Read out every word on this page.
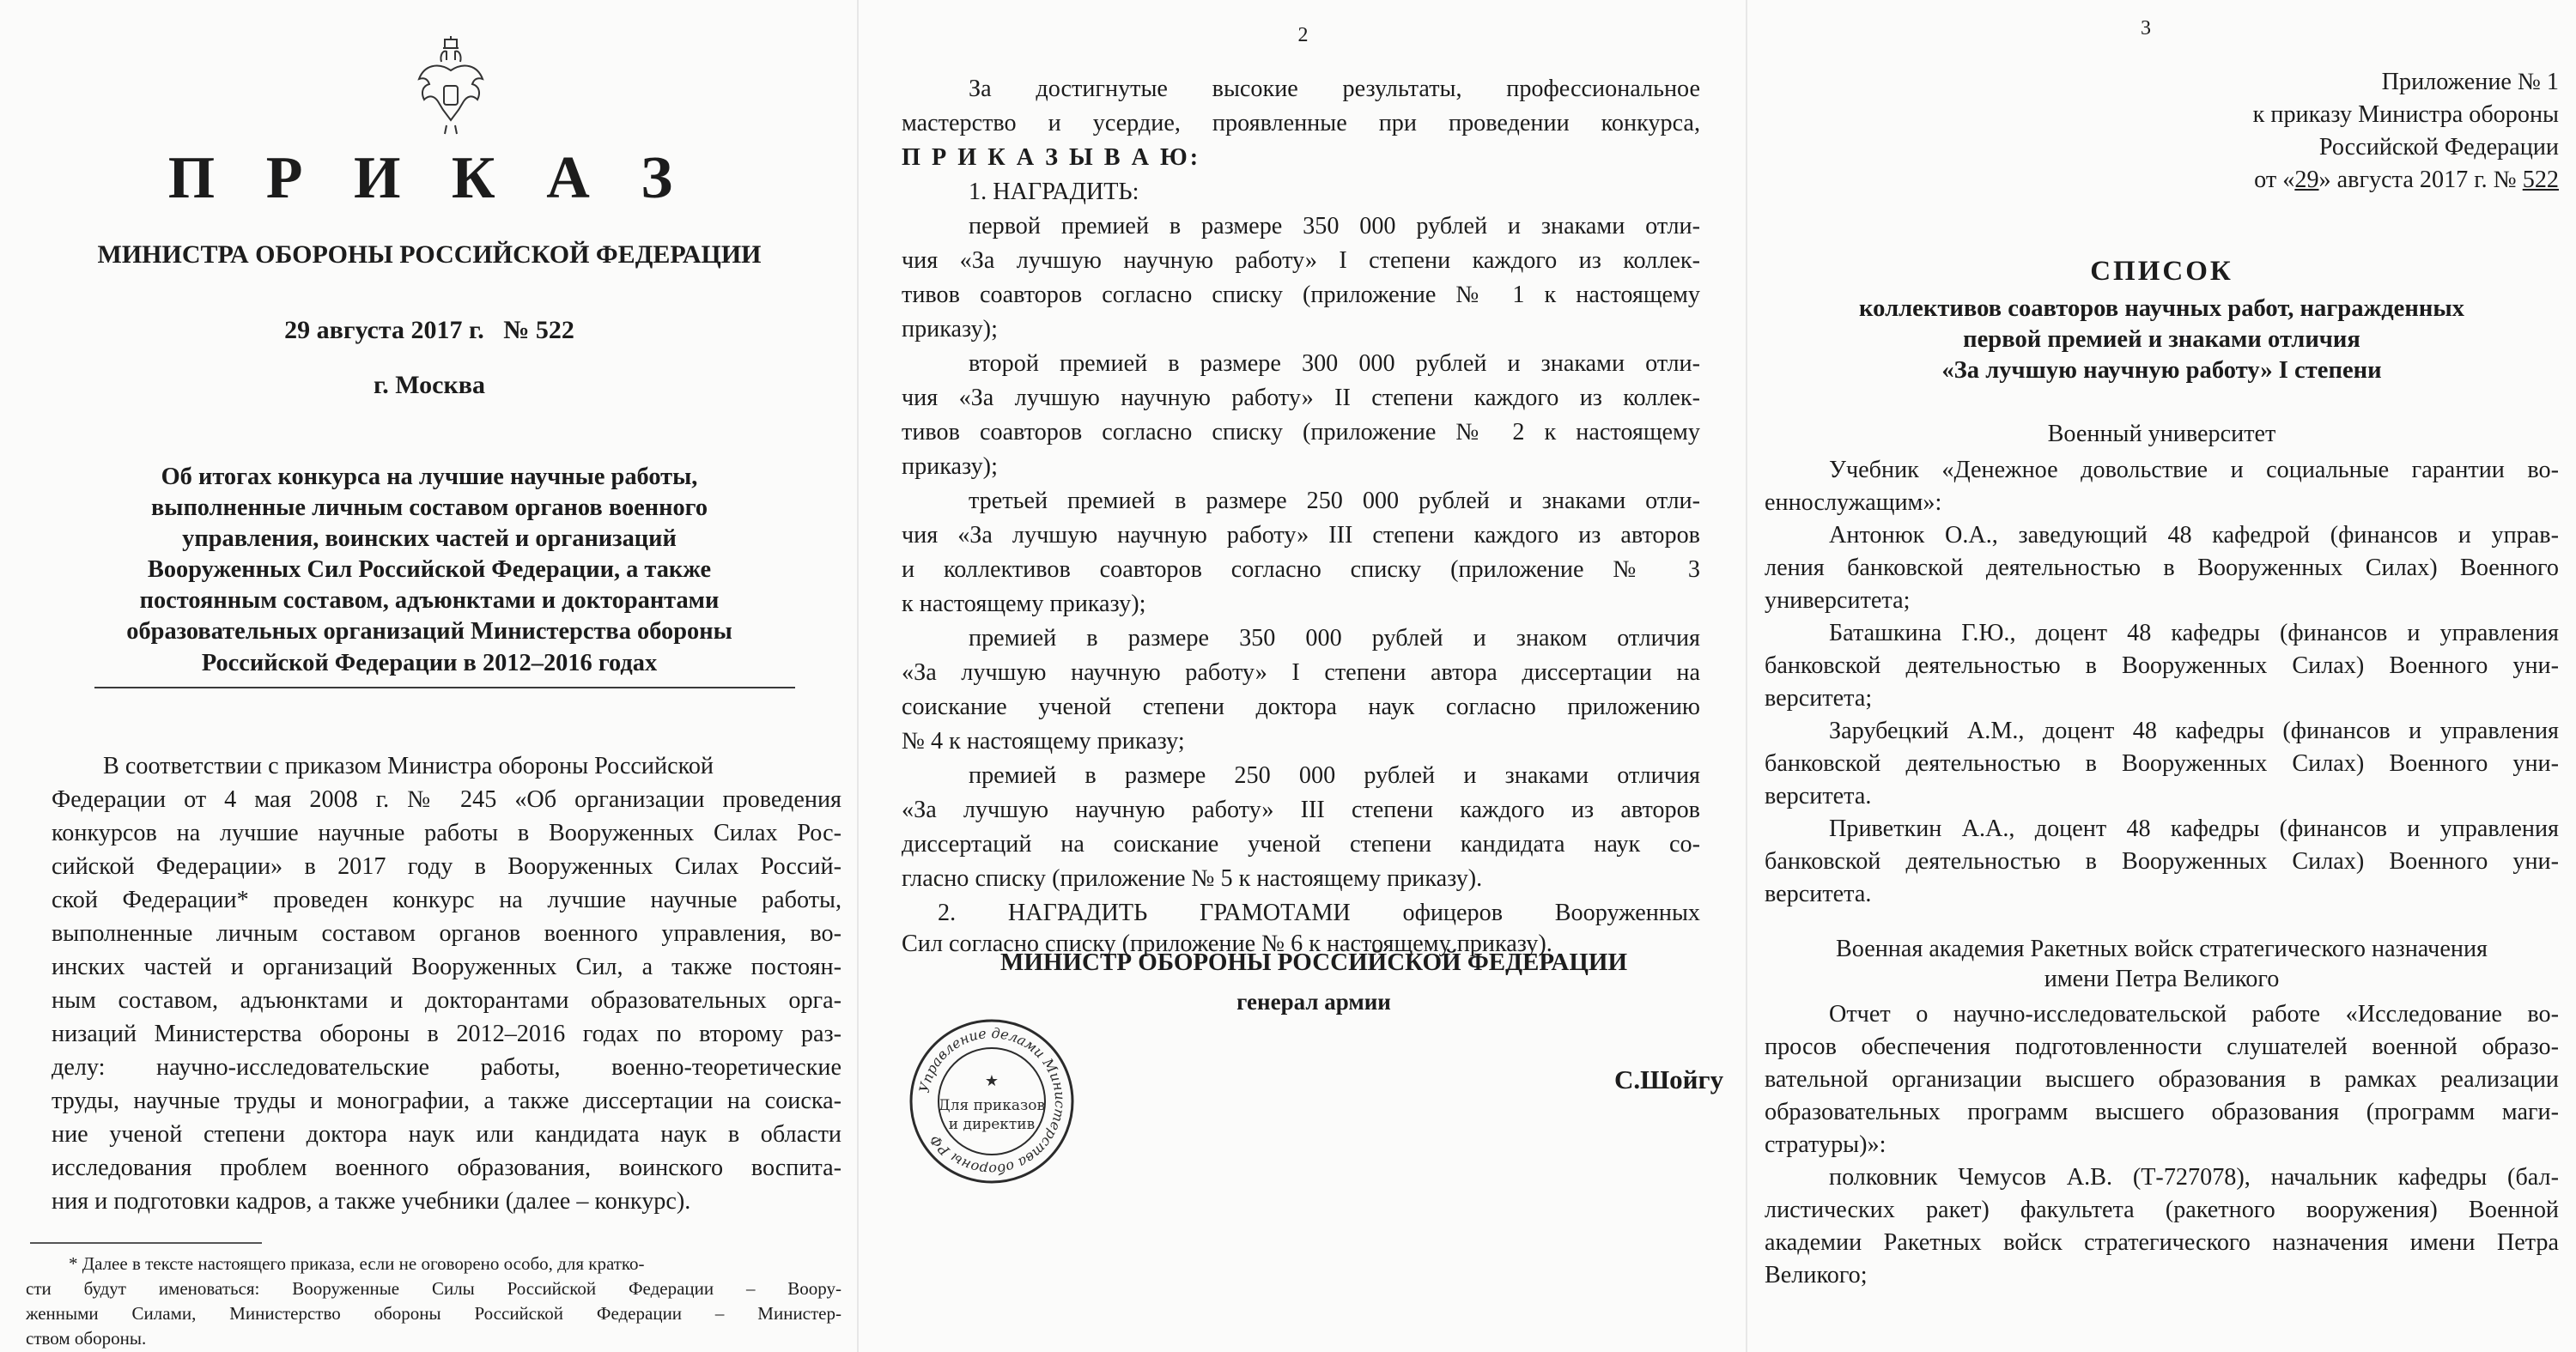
П Р И К А З
МИНИСТРА ОБОРОНЫ РОССИЙСКОЙ ФЕДЕРАЦИИ
29 августа 2017 г.   № 522
г. Москва
Об итогах конкурса на лучшие научные работы,
выполненные личным составом органов военного
управления, воинских частей и организаций
Вооруженных Сил Российской Федерации, а также
постоянным составом, адъюнктами и докторантами
образовательных организаций Министерства обороны
Российской Федерации в 2012–2016 годах
В соответствии с приказом Министра обороны Российской
Федерации от 4 мая 2008 г. № 245 «Об организации проведения
конкурсов на лучшие научные работы в Вооруженных Силах Рос-
сийской Федерации» в 2017 году в Вооруженных Силах Россий-
ской Федерации* проведен конкурс на лучшие научные работы,
выполненные личным составом органов военного управления, во-
инских частей и организаций Вооруженных Сил, а также постоян-
ным составом, адъюнктами и докторантами образовательных орга-
низаций Министерства обороны в 2012–2016 годах по второму раз-
делу: научно-исследовательские работы, военно-теоретические
труды, научные труды и монографии, а также диссертации на соиска-
ние ученой степени доктора наук или кандидата наук в области
исследования проблем военного образования, воинского воспита-
ния и подготовки кадров, а также учебники (далее – конкурс).
* Далее в тексте настоящего приказа, если не оговорено особо, для кратко-
сти будут именоваться: Вооруженные Силы Российской Федерации – Воору-
женными Силами, Министерство обороны Российской Федерации – Министер-
ством обороны.
2
За достигнутые высокие результаты, профессиональное
мастерство и усердие, проявленные при проведении конкурса,
П Р И К А З Ы В А Ю:
1. НАГРАДИТЬ:
первой премией в размере 350 000 рублей и знаками отли-
чия «За лучшую научную работу» I степени каждого из коллек-
тивов соавторов согласно списку (приложение № 1 к настоящему
приказу);
второй премией в размере 300 000 рублей и знаками отли-
чия «За лучшую научную работу» II степени каждого из коллек-
тивов соавторов согласно списку (приложение № 2 к настоящему
приказу);
третьей премией в размере 250 000 рублей и знаками отли-
чия «За лучшую научную работу» III степени каждого из авторов
и коллективов соавторов согласно списку (приложение № 3
к настоящему приказу);
премией в размере 350 000 рублей и знаком отличия
«За лучшую научную работу» I степени автора диссертации на
соискание ученой степени доктора наук согласно приложению
№ 4 к настоящему приказу;
премией в размере 250 000 рублей и знаками отличия
«За лучшую научную работу» III степени каждого из авторов
диссертаций на соискание ученой степени кандидата наук со-
гласно списку (приложение № 5 к настоящему приказу).
2. НАГРАДИТЬ ГРАМОТАМИ офицеров Вооруженных
Сил согласно списку (приложение № 6 к настоящему приказу).
МИНИСТР ОБОРОНЫ РОССИЙСКОЙ ФЕДЕРАЦИИ
генерал армии
С.Шойгу
Управление делами Министерства обороны РФ
★
Для приказов
и директив
3
Приложение № 1
к приказу Министра обороны
Российской Федерации
от «29» августа 2017 г. № 522
СПИСОК
коллективов соавторов научных работ, награжденных
первой премией и знаками отличия
«За лучшую научную работу» I степени
Военный университет
Учебник «Денежное довольствие и социальные гарантии во-
еннослужащим»:
Антонюк О.А., заведующий 48 кафедрой (финансов и управ-
ления банковской деятельностью в Вооруженных Силах) Военного
университета;
Баташкина Г.Ю., доцент 48 кафедры (финансов и управления
банковской деятельностью в Вооруженных Силах) Военного уни-
верситета;
Зарубецкий А.М., доцент 48 кафедры (финансов и управления
банковской деятельностью в Вооруженных Силах) Военного уни-
верситета.
Приветкин А.А., доцент 48 кафедры (финансов и управления
банковской деятельностью в Вооруженных Силах) Военного уни-
верситета.
Военная академия Ракетных войск стратегического назначения
имени Петра Великого
Отчет о научно-исследовательской работе «Исследование во-
просов обеспечения подготовленности слушателей военной образо-
вательной организации высшего образования в рамках реализации
образовательных программ высшего образования (программ маги-
стратуры)»:
полковник Чемусов А.В. (Т-727078), начальник кафедры (бал-
листических ракет) факультета (ракетного вооружения) Военной
академии Ракетных войск стратегического назначения имени Петра
Великого;
